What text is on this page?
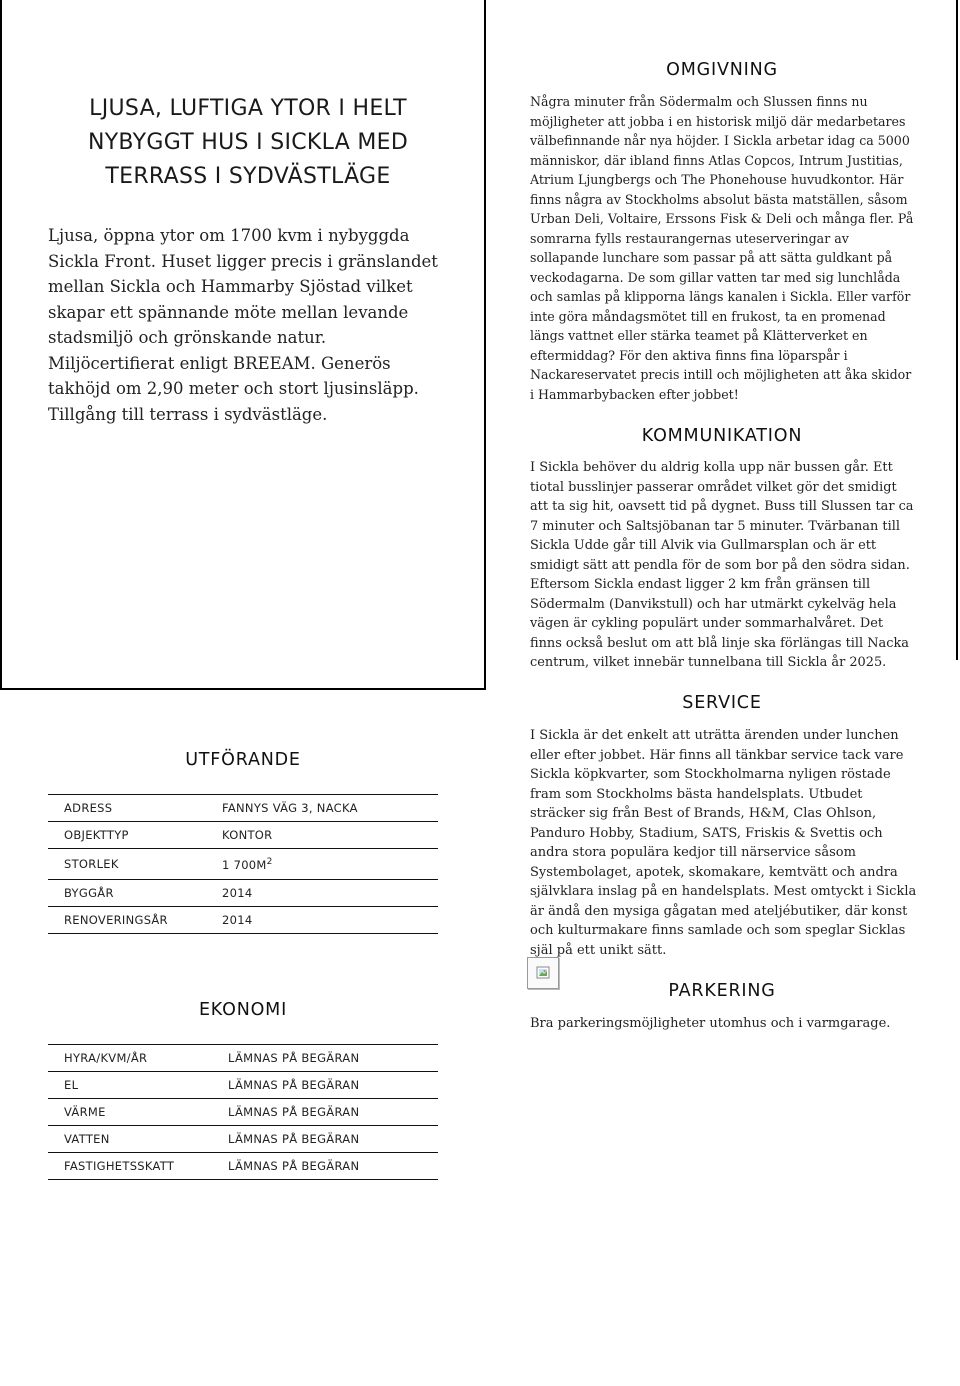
LJUSA, LUFTIGA YTOR I HELT
NYBYGGT HUS I SICKLA MED
TERRASS I SYDVÄSTLÄGE

Ljusa, öppna ytor om 1700 kvm i nybyggda Sickla Front. Huset ligger precis i gränslandet mellan Sickla och Hammarby Sjöstad vilket skapar ett spännande möte mellan levande stadsmiljö och grönskande natur. Miljöcertifierat enligt BREEAM. Generös takhöjd om 2,90 meter och stort ljusinsläpp. Tillgång till terrass i sydvästläge.

OMGIVNING

Några minuter från Södermalm och Slussen finns nu möjligheter att jobba i en historisk miljö där medarbetares välbefinnande når nya höjder. I Sickla arbetar idag ca 5000 människor, där ibland finns Atlas Copcos, Intrum Justitias, Atrium Ljungbergs och The Phonehouse huvudkontor. Här finns några av Stockholms absolut bästa matställen, såsom Urban Deli, Voltaire, Erssons Fisk & Deli och många fler. På somrarna fylls restaurangernas uteserveringar av sollapande lunchare som passar på att sätta guldkant på veckodagarna. De som gillar vatten tar med sig lunchlåda och samlas på klipporna längs kanalen i Sickla. Eller varför inte göra måndagsmötet till en frukost, ta en promenad längs vattnet eller stärka teamet på Klätterverket en eftermiddag? För den aktiva finns fina löparspår i Nackareservatet precis intill och möjligheten att åka skidor i Hammarbybacken efter jobbet!

KOMMUNIKATION

I Sickla behöver du aldrig kolla upp när bussen går. Ett tiotal busslinjer passerar området vilket gör det smidigt att ta sig hit, oavsett tid på dygnet. Buss till Slussen tar ca 7 minuter och Saltsjöbanan tar 5 minuter. Tvärbanan till Sickla Udde går till Alvik via Gullmarsplan och är ett smidigt sätt att pendla för de som bor på den södra sidan. Eftersom Sickla endast ligger 2 km från gränsen till Södermalm (Danvikstull) och har utmärkt cykelväg hela vägen är cykling populärt under sommarhalvåret. Det finns också beslut om att blå linje ska förlängas till Nacka centrum, vilket innebär tunnelbana till Sickla år 2025.

SERVICE

I Sickla är det enkelt att uträtta ärenden under lunchen eller efter jobbet. Här finns all tänkbar service tack vare Sickla köpkvarter, som Stockholmarna nyligen röstade fram som Stockholms bästa handelsplats. Utbudet sträcker sig från Best of Brands, H&M, Clas Ohlson, Panduro Hobby, Stadium, SATS, Friskis & Svettis och andra stora populära kedjor till närservice såsom Systembolaget, apotek, skomakare, kemtvätt och andra självklara inslag på en handelsplats. Mest omtyckt i Sickla är ändå den mysiga gågatan med ateljébutiker, där konst och kulturmakare finns samlade och som speglar Sicklas själ på ett unikt sätt.

PARKERING

Bra parkeringsmöjligheter utomhus och i varmgarage.

UTFÖRANDE
ADRESS	FANNYS VÄG 3, NACKA
OBJEKTTYP	KONTOR
STORLEK	1 $700M^2$
BYGGÅR	2014
RENOVERINGSÅR	2014
EKONOMI
HYRA/KVM/ÅR	LÄMNAS PÅ BEGÄRAN
EL	LÄMNAS PÅ BEGÄRAN
VÄRME	LÄMNAS PÅ BEGÄRAN
VATTEN	LÄMNAS PÅ BEGÄRAN
FASTIGHETSSKATT	LÄMNAS PÅ BEGÄRAN
